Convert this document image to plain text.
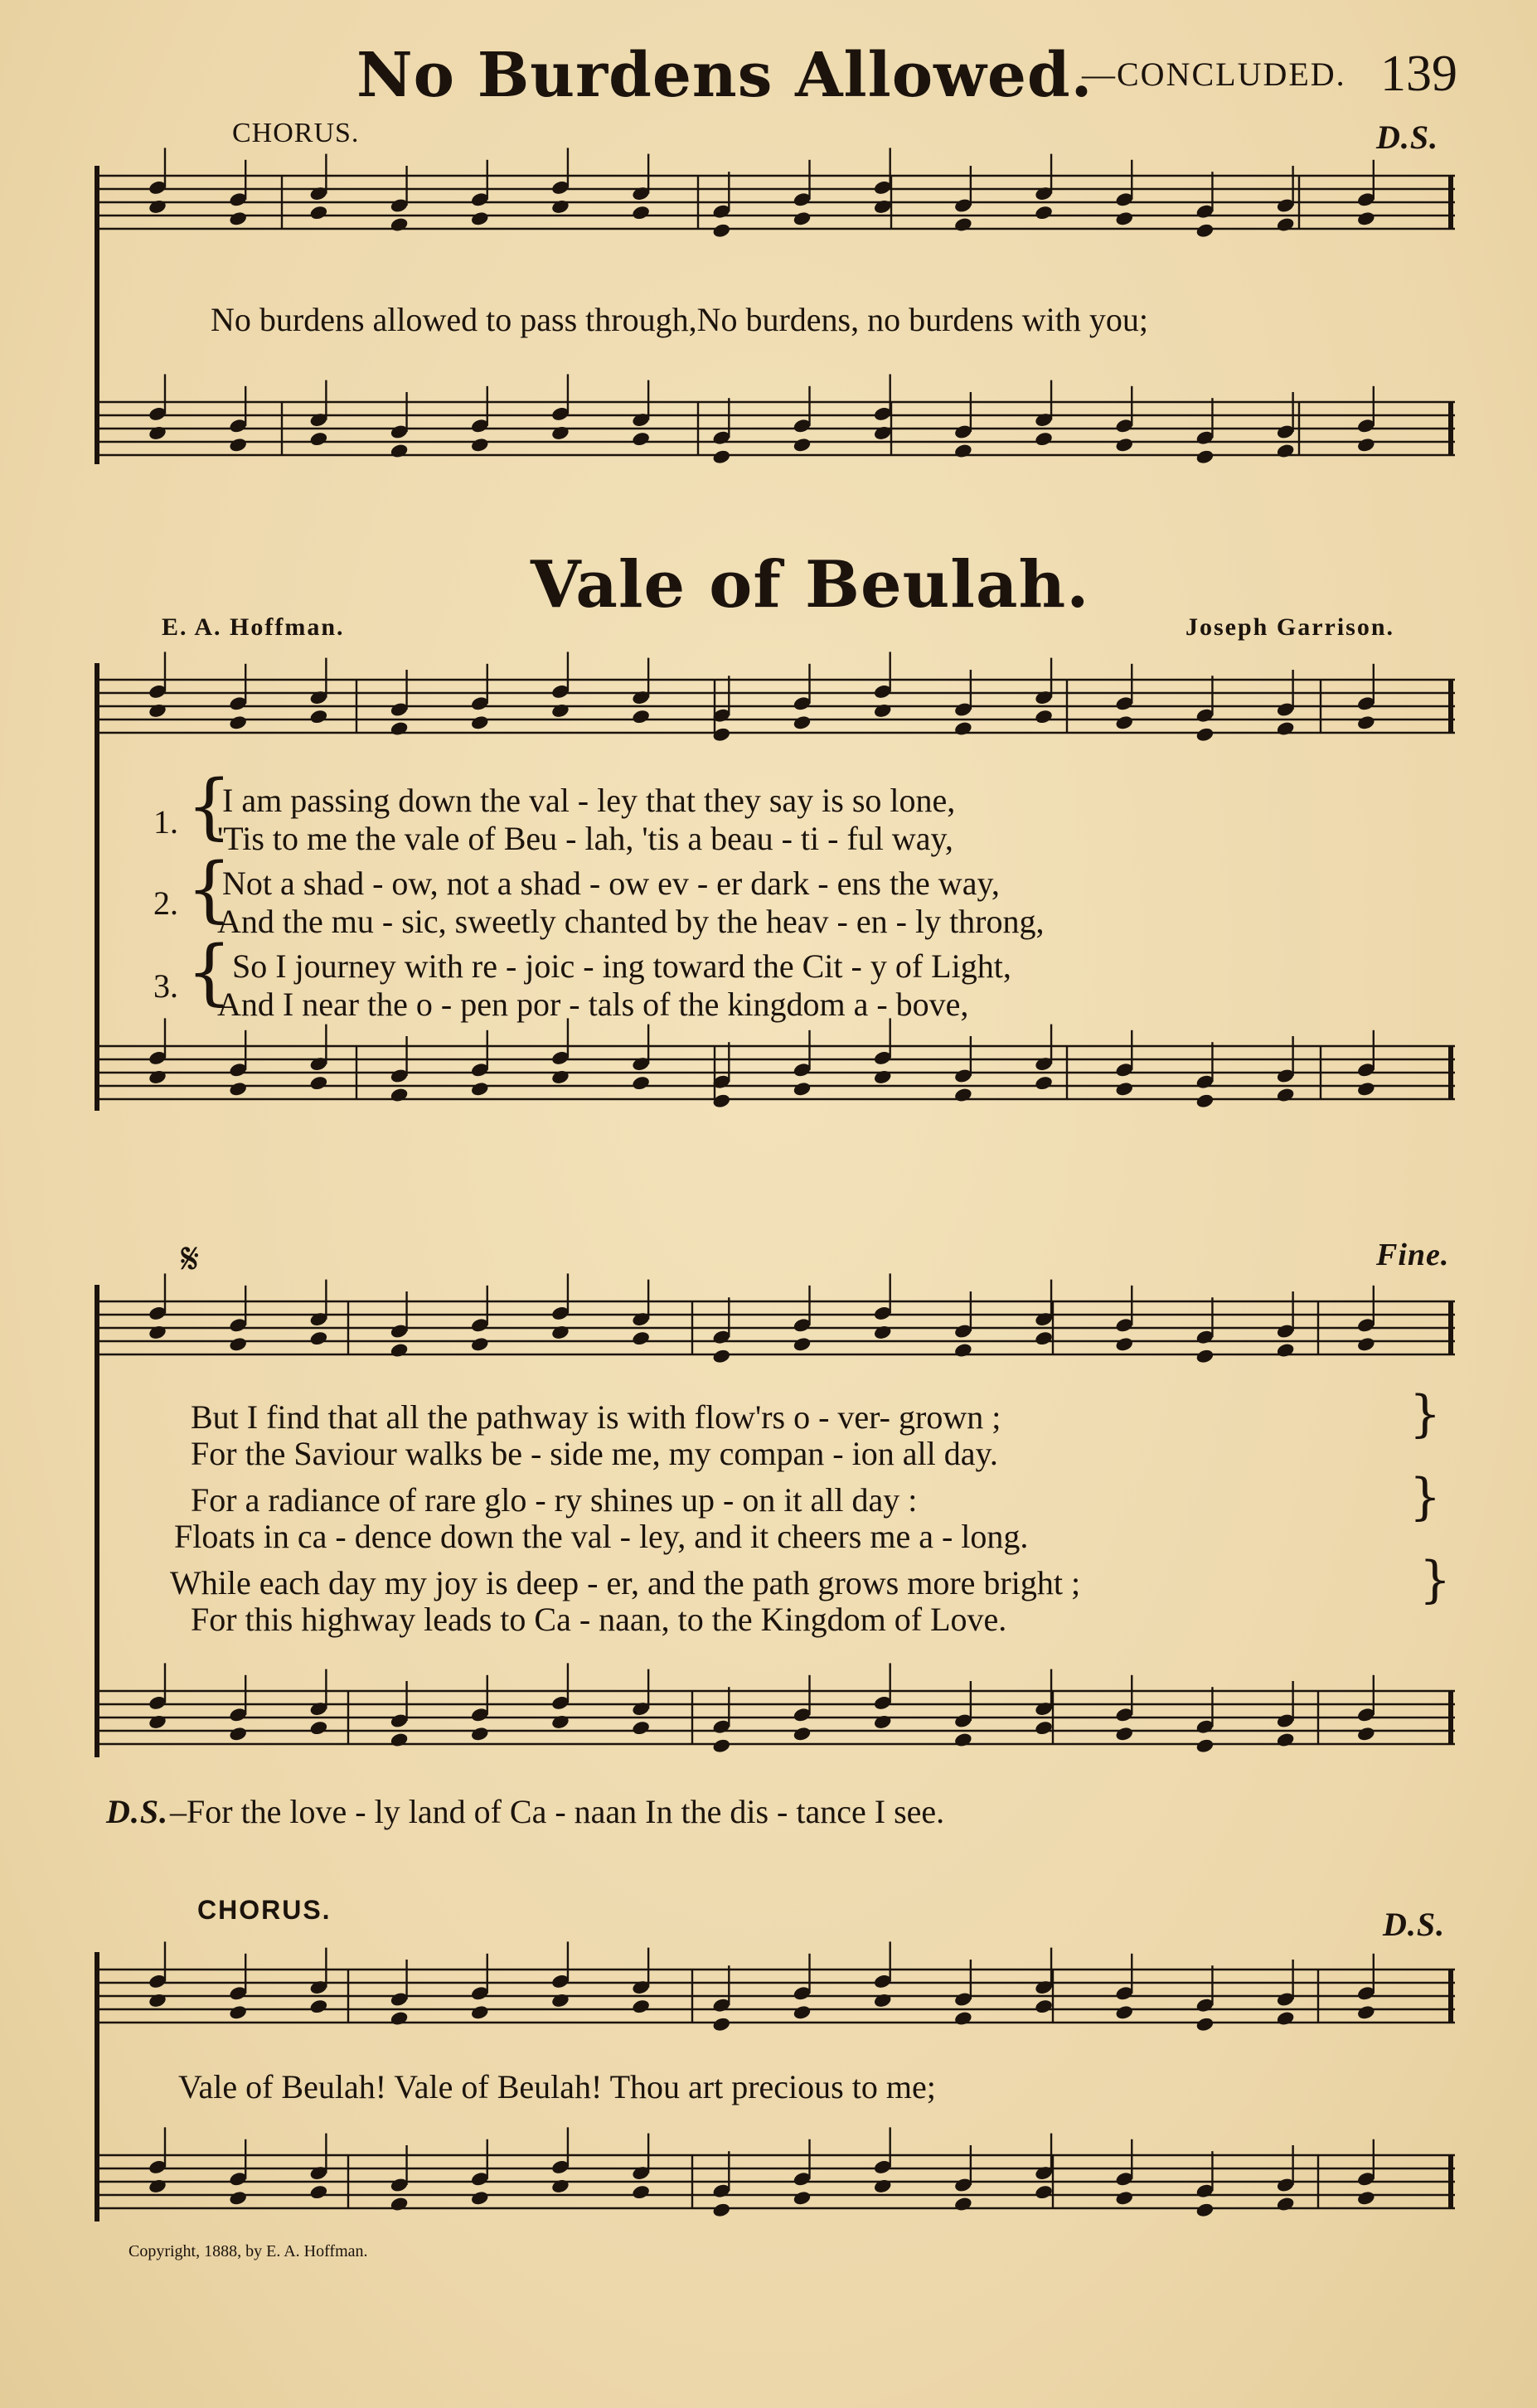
No Burdens Allowed.
—CONCLUDED. 139
CHORUS.	D.S.
No burdens allowed to pass through,No burdens, no burdens with you;
Vale of Beulah.
E. A. Hoffman.	Joseph Garrison.
1. {
I am passing down the val - ley that they say is so lone,
'Tis to me the vale of Beu - lah, 'tis a beau - ti - ful way,
2. {
Not a shad - ow, not a shad - ow ev - er dark - ens the way,
And the mu - sic, sweetly chanted by the heav - en - ly throng,
3. { So I journey with re - joic - ing toward the Cit - y of Light,
And I near the o - pen por - tals of the kingdom a - bove,
𝄋	Fine.
But I find that all the pathway is with flow'rs o - ver- grown ;
For the Saviour walks be - side me, my compan - ion all day.
}
For a radiance of rare glo - ry shines up - on it all day :
Floats in ca - dence down the val - ley, and it cheers me a - long.
}
While each day my joy is deep - er, and the path grows more bright ;
For this highway leads to Ca - naan, to the Kingdom of Love.
}
D.S. –For the love - ly land of Ca - naan In the dis - tance I see.
CHORUS.	D.S.
Vale of Beulah! Vale of Beulah! Thou art precious to me;
Copyright, 1888, by E. A. Hoffman.
